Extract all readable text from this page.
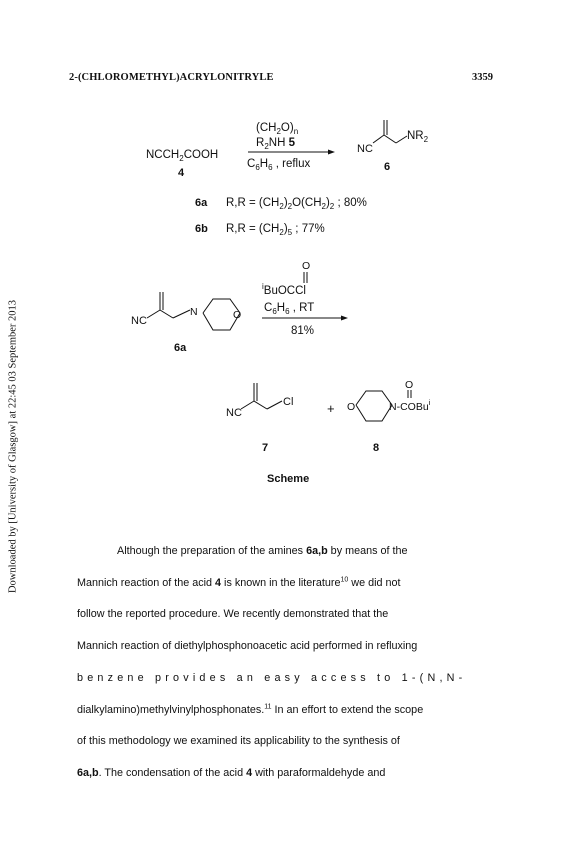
2-(CHLOROMETHYL)ACRYLONITRYLE	3359
Downloaded by [University of Glasgow] at 22:45 03 September 2013
$NCCH_2COOH$
4
$(CH_2O)_n$
$R_2NH$ 5
$C_6H_6$ , reflux
NC
$NR_2$
6
6a $R,R = (CH_2)_2O(CH_2)_2$ ; 80%
6b $R,R = (CH_2)_5$ ; 77%
NC
N	O
6a
O
$^i$BuOCCl
$C_6H_6$ , RT
81%
NC
Cl
7
+ O
O
N-COBu$^i$
8
Scheme

Although the preparation of the amines 6a,b by means of the

Mannich reaction of the acid 4 is known in the literature$^{10}$ we did not

follow the reported procedure. We recently demonstrated that the

Mannich reaction of diethylphosphonoacetic acid performed in refluxing

benzene provides an easy access to 1-(N,N-

dialkylamino)methylvinylphosphonates.$^{11}$ In an effort to extend the scope

of this methodology we examined its applicability to the synthesis of

6a,b. The condensation of the acid 4 with paraformaldehyde and
